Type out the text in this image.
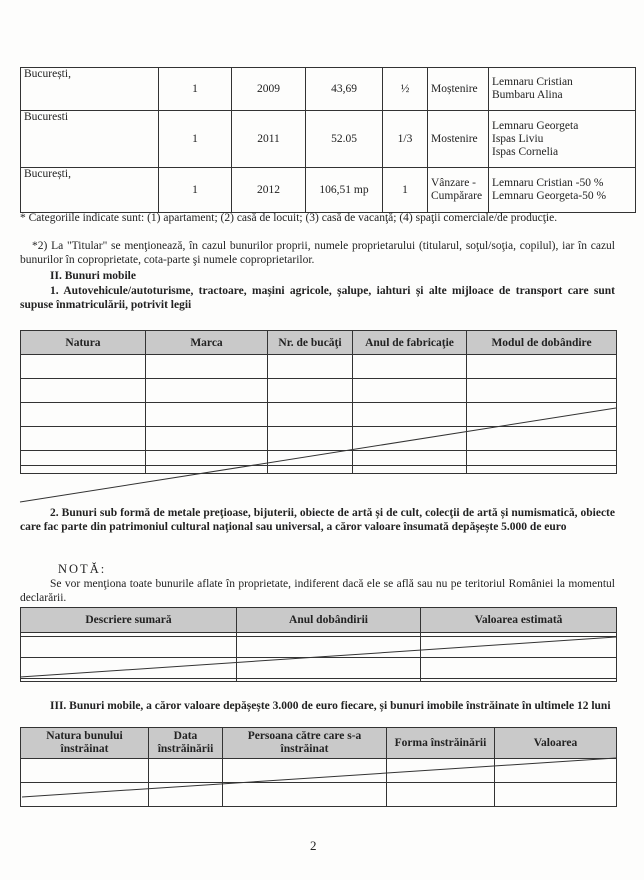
București,	1	2009	43,69	½	Moștenire	Lemnaru Cristian
Bumbaru Alina

Bucuresti	1	2011	52.05	1/3	Mostenire	Lemnaru Georgeta
Ispas Liviu
Ispas Cornelia

București,	1	2012	106,51 mp	1	Vânzare - Cumpărare	Lemnaru Cristian -50 %
Lemnaru Georgeta-50 %
* Categoriile indicate sunt: (1) apartament; (2) casă de locuit; (3) casă de vacanţă; (4) spaţii comerciale/de producţie.
*2) La "Titular" se menţionează, în cazul bunurilor proprii, numele proprietarului (titularul, soţul/soţia, copilul), iar în cazul bunurilor în coproprietate, cota-parte şi numele coproprietarilor.
II. Bunuri mobile
1. Autovehicule/autoturisme, tractoare, mașini agricole, șalupe, iahturi și alte mijloace de transport care sunt supuse înmatriculării, potrivit legii
Natura	Marca	Nr. de bucăţi	Anul de fabricaţie	Modul de dobândire

2. Bunuri sub formă de metale preţioase, bijuterii, obiecte de artă și de cult, colecţii de artă și numismatică, obiecte care fac parte din patrimoniul cultural naţional sau universal, a căror valoare însumată depășește 5.000 de euro
NOTĂ:
Se vor menţiona toate bunurile aflate în proprietate, indiferent dacă ele se află sau nu pe teritoriul României la momentul declarării.
Descriere sumară	Anul dobândirii	Valoarea estimată

III. Bunuri mobile, a căror valoare depășește 3.000 de euro fiecare, și bunuri imobile înstrăinate în ultimele 12 luni
Natura bunului înstrăinat	Data înstrăinării	Persoana către care s-a înstrăinat	Forma înstrăinării	Valoarea

2
